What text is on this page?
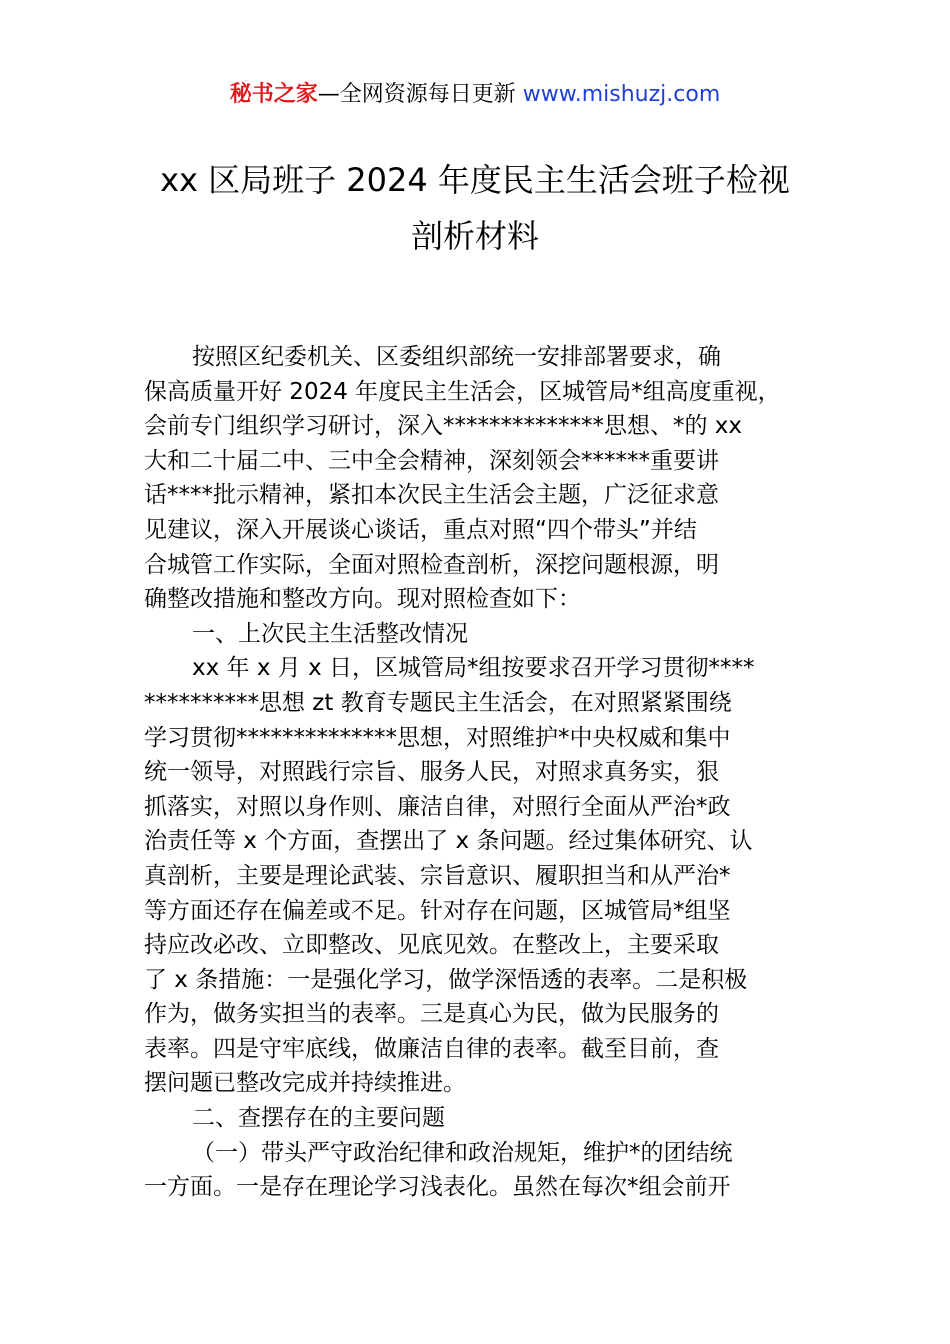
秘书之家—全网资源每日更新 www.mishuzj.com
xx 区局班子 2024 年度民主生活会班子检视
剖析材料
按照区纪委机关、区委组织部统一安排部署要求，确
保高质量开好 2024 年度民主生活会，区城管局*组高度重视，
会前专门组织学习研讨，深入**************思想、*的 xx
大和二十届二中、三中全会精神，深刻领会******重要讲
话****批示精神，紧扣本次民主生活会主题，广泛征求意
见建议，深入开展谈心谈话，重点对照“四个带头”并结
合城管工作实际，全面对照检查剖析，深挖问题根源，明
确整改措施和整改方向。现对照检查如下：
一、上次民主生活整改情况
xx 年 x 月 x 日，区城管局*组按要求召开学习贯彻****
**********思想 zt 教育专题民主生活会，在对照紧紧围绕
学习贯彻**************思想，对照维护*中央权威和集中
统一领导，对照践行宗旨、服务人民，对照求真务实，狠
抓落实，对照以身作则、廉洁自律，对照行全面从严治*政
治责任等 x 个方面，查摆出了 x 条问题。经过集体研究、认
真剖析，主要是理论武装、宗旨意识、履职担当和从严治*
等方面还存在偏差或不足。针对存在问题，区城管局*组坚
持应改必改、立即整改、见底见效。在整改上，主要采取
了 x 条措施：一是强化学习，做学深悟透的表率。二是积极
作为，做务实担当的表率。三是真心为民，做为民服务的
表率。四是守牢底线，做廉洁自律的表率。截至目前，查
摆问题已整改完成并持续推进。
二、查摆存在的主要问题
（一）带头严守政治纪律和政治规矩，维护*的团结统
一方面。一是存在理论学习浅表化。虽然在每次*组会前开
